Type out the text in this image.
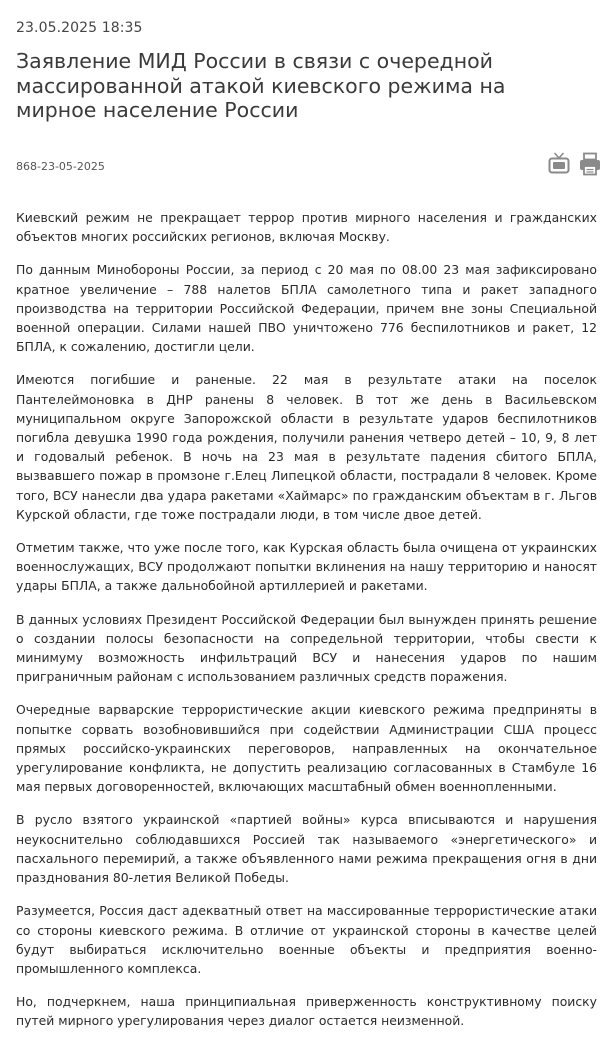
23.05.2025 18:35
Заявление МИД России в связи с очередной массированной атакой киевского режима на мирное население России
868-23-05-2025

Киевский режим не прекращает террор против мирного населения и гражданских объектов многих российских регионов, включая Москву.

По данным Минобороны России, за период с 20 мая по 08.00 23 мая зафиксировано кратное увеличение – 788 налетов БПЛА самолетного типа и ракет западного производства на территории Российской Федерации, причем вне зоны Специальной военной операции. Силами нашей ПВО уничтожено 776 беспилотников и ракет, 12 БПЛА, к сожалению, достигли цели.

Имеются погибшие и раненые. 22 мая в результате атаки на поселок Пантелеймоновка в ДНР ранены 8 человек. В тот же день в Васильевском муниципальном округе Запорожской области в результате ударов беспилотников погибла девушка 1990 года рождения, получили ранения четверо детей – 10, 9, 8 лет и годовалый ребенок. В ночь на 23 мая в результате падения сбитого БПЛА, вызвавшего пожар в промзоне г.Елец Липецкой области, пострадали 8 человек. Кроме того, ВСУ нанесли два удара ракетами «Хаймарс» по гражданским объектам в г. Льгов Курской области, где тоже пострадали люди, в том числе двое детей.

Отметим также, что уже после того, как Курская область была очищена от украинских военнослужащих, ВСУ продолжают попытки вклинения на нашу территорию и наносят удары БПЛА, а также дальнобойной артиллерией и ракетами.

В данных условиях Президент Российской Федерации был вынужден принять решение о создании полосы безопасности на сопредельной территории, чтобы свести к минимуму возможность инфильтраций ВСУ и нанесения ударов по нашим приграничным районам с использованием различных средств поражения.

Очередные варварские террористические акции киевского режима предприняты в попытке сорвать возобновившийся при содействии Администрации США процесс прямых российско-украинских переговоров, направленных на окончательное урегулирование конфликта, не допустить реализацию согласованных в Стамбуле 16 мая первых договоренностей, включающих масштабный обмен военнопленными.

В русло взятого украинской «партией войны» курса вписываются и нарушения неукоснительно соблюдавшихся Россией так называемого «энергетического» и пасхального перемирий, а также объявленного нами режима прекращения огня в дни празднования 80-летия Великой Победы.

Разумеется, Россия даст адекватный ответ на массированные террористические атаки со стороны киевского режима. В отличие от украинской стороны в качестве целей будут выбираться исключительно военные объекты и предприятия военно-промышленного комплекса.

Но, подчеркнем, наша принципиальная приверженность конструктивному поиску путей мирного урегулирования через диалог остается неизменной.
